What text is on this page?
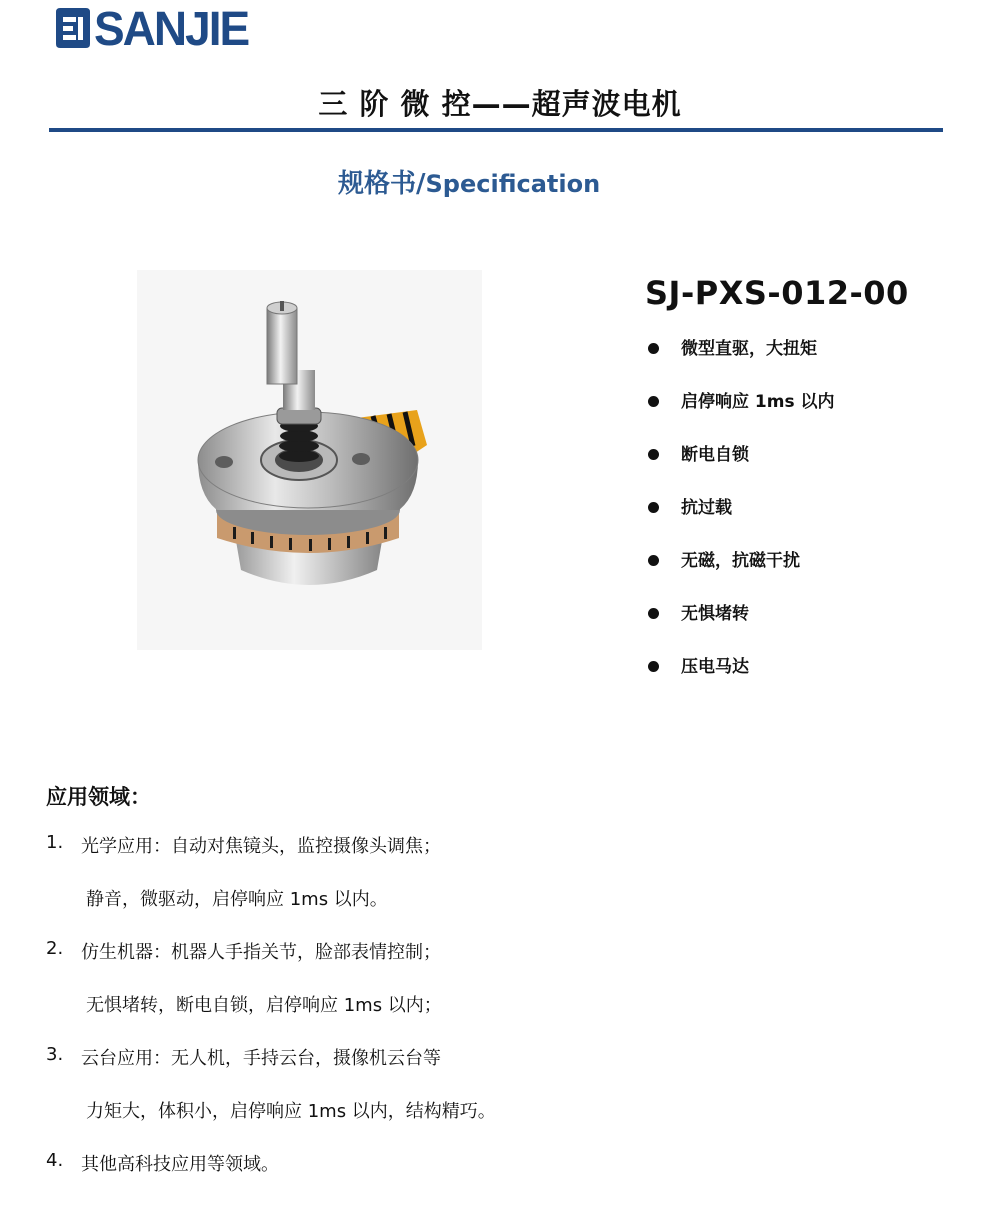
SANJIE
三 阶 微 控——超声波电机
规格书/Specification
SJ-PXS-012-00
微型直驱，大扭矩
启停响应 1ms 以内
断电自锁
抗过载
无磁，抗磁干扰
无惧堵转
压电马达
应用领域：
1. 光学应用：自动对焦镜头，监控摄像头调焦；
静音，微驱动，启停响应 1ms 以内。
2. 仿生机器：机器人手指关节，脸部表情控制；
无惧堵转，断电自锁，启停响应 1ms 以内；
3. 云台应用：无人机，手持云台，摄像机云台等
力矩大，体积小，启停响应 1ms 以内，结构精巧。
4. 其他高科技应用等领域。
